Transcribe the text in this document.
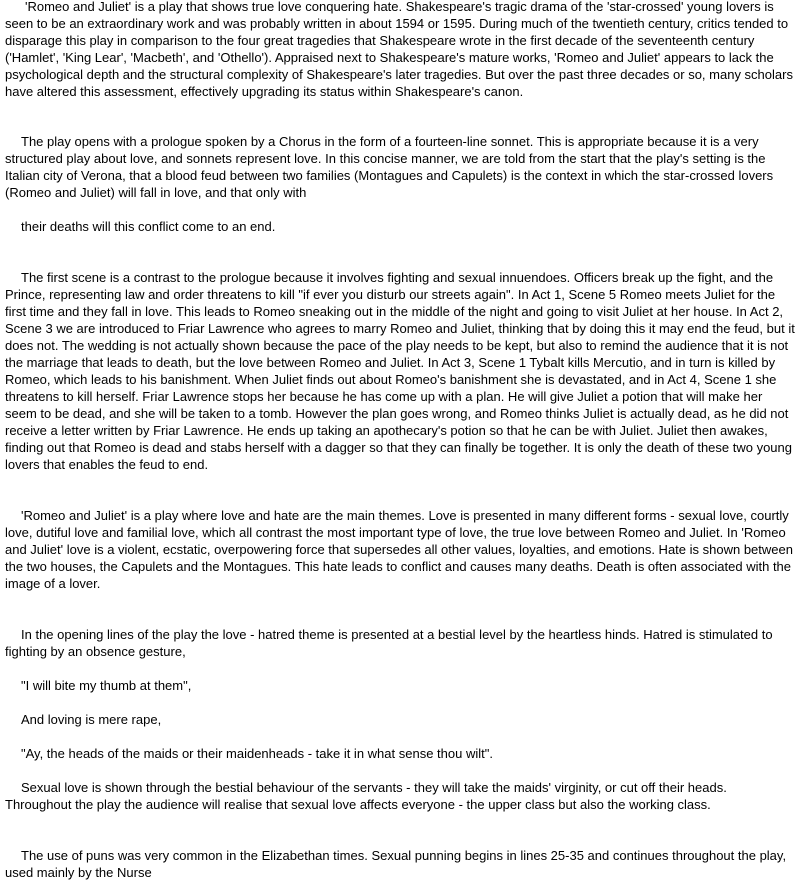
'Romeo and Juliet' is a play that shows true love conquering hate. Shakespeare's tragic drama of the 'star-crossed' young lovers is seen to be an extraordinary work and was probably written in about 1594 or 1595. During much of the twentieth century, critics tended to disparage this play in comparison to the four great tragedies that Shakespeare wrote in the first decade of the seventeenth century ('Hamlet', 'King Lear', 'Macbeth', and 'Othello'). Appraised next to Shakespeare's mature works, 'Romeo and Juliet' appears to lack the psychological depth and the structural complexity of Shakespeare's later tragedies. But over the past three decades or so, many scholars have altered this assessment, effectively upgrading its status within Shakespeare's canon.

The play opens with a prologue spoken by a Chorus in the form of a fourteen-line sonnet. This is appropriate because it is a very structured play about love, and sonnets represent love. In this concise manner, we are told from the start that the play's setting is the Italian city of Verona, that a blood feud between two families (Montagues and Capulets) is the context in which the star-crossed lovers (Romeo and Juliet) will fall in love, and that only with

their deaths will this conflict come to an end.

The first scene is a contrast to the prologue because it involves fighting and sexual innuendoes. Officers break up the fight, and the Prince, representing law and order threatens to kill "if ever you disturb our streets again". In Act 1, Scene 5 Romeo meets Juliet for the first time and they fall in love. This leads to Romeo sneaking out in the middle of the night and going to visit Juliet at her house. In Act 2, Scene 3 we are introduced to Friar Lawrence who agrees to marry Romeo and Juliet, thinking that by doing this it may end the feud, but it does not. The wedding is not actually shown because the pace of the play needs to be kept, but also to remind the audience that it is not the marriage that leads to death, but the love between Romeo and Juliet. In Act 3, Scene 1 Tybalt kills Mercutio, and in turn is killed by Romeo, which leads to his banishment. When Juliet finds out about Romeo's banishment she is devastated, and in Act 4, Scene 1 she threatens to kill herself. Friar Lawrence stops her because he has come up with a plan. He will give Juliet a potion that will make her seem to be dead, and she will be taken to a tomb. However the plan goes wrong, and Romeo thinks Juliet is actually dead, as he did not receive a letter written by Friar Lawrence. He ends up taking an apothecary's potion so that he can be with Juliet. Juliet then awakes, finding out that Romeo is dead and stabs herself with a dagger so that they can finally be together. It is only the death of these two young lovers that enables the feud to end.

'Romeo and Juliet' is a play where love and hate are the main themes. Love is presented in many different forms - sexual love, courtly love, dutiful love and familial love, which all contrast the most important type of love, the true love between Romeo and Juliet. In 'Romeo and Juliet' love is a violent, ecstatic, overpowering force that supersedes all other values, loyalties, and emotions. Hate is shown between the two houses, the Capulets and the Montagues. This hate leads to conflict and causes many deaths. Death is often associated with the image of a lover.

In the opening lines of the play the love - hatred theme is presented at a bestial level by the heartless hinds. Hatred is stimulated to fighting by an obsence gesture,

"I will bite my thumb at them",

And loving is mere rape,

"Ay, the heads of the maids or their maidenheads - take it in what sense thou wilt".

Sexual love is shown through the bestial behaviour of the servants - they will take the maids' virginity, or cut off their heads. Throughout the play the audience will realise that sexual love affects everyone - the upper class but also the working class.

The use of puns was very common in the Elizabethan times. Sexual punning begins in lines 25-35 and continues throughout the play, used mainly by the Nurse
